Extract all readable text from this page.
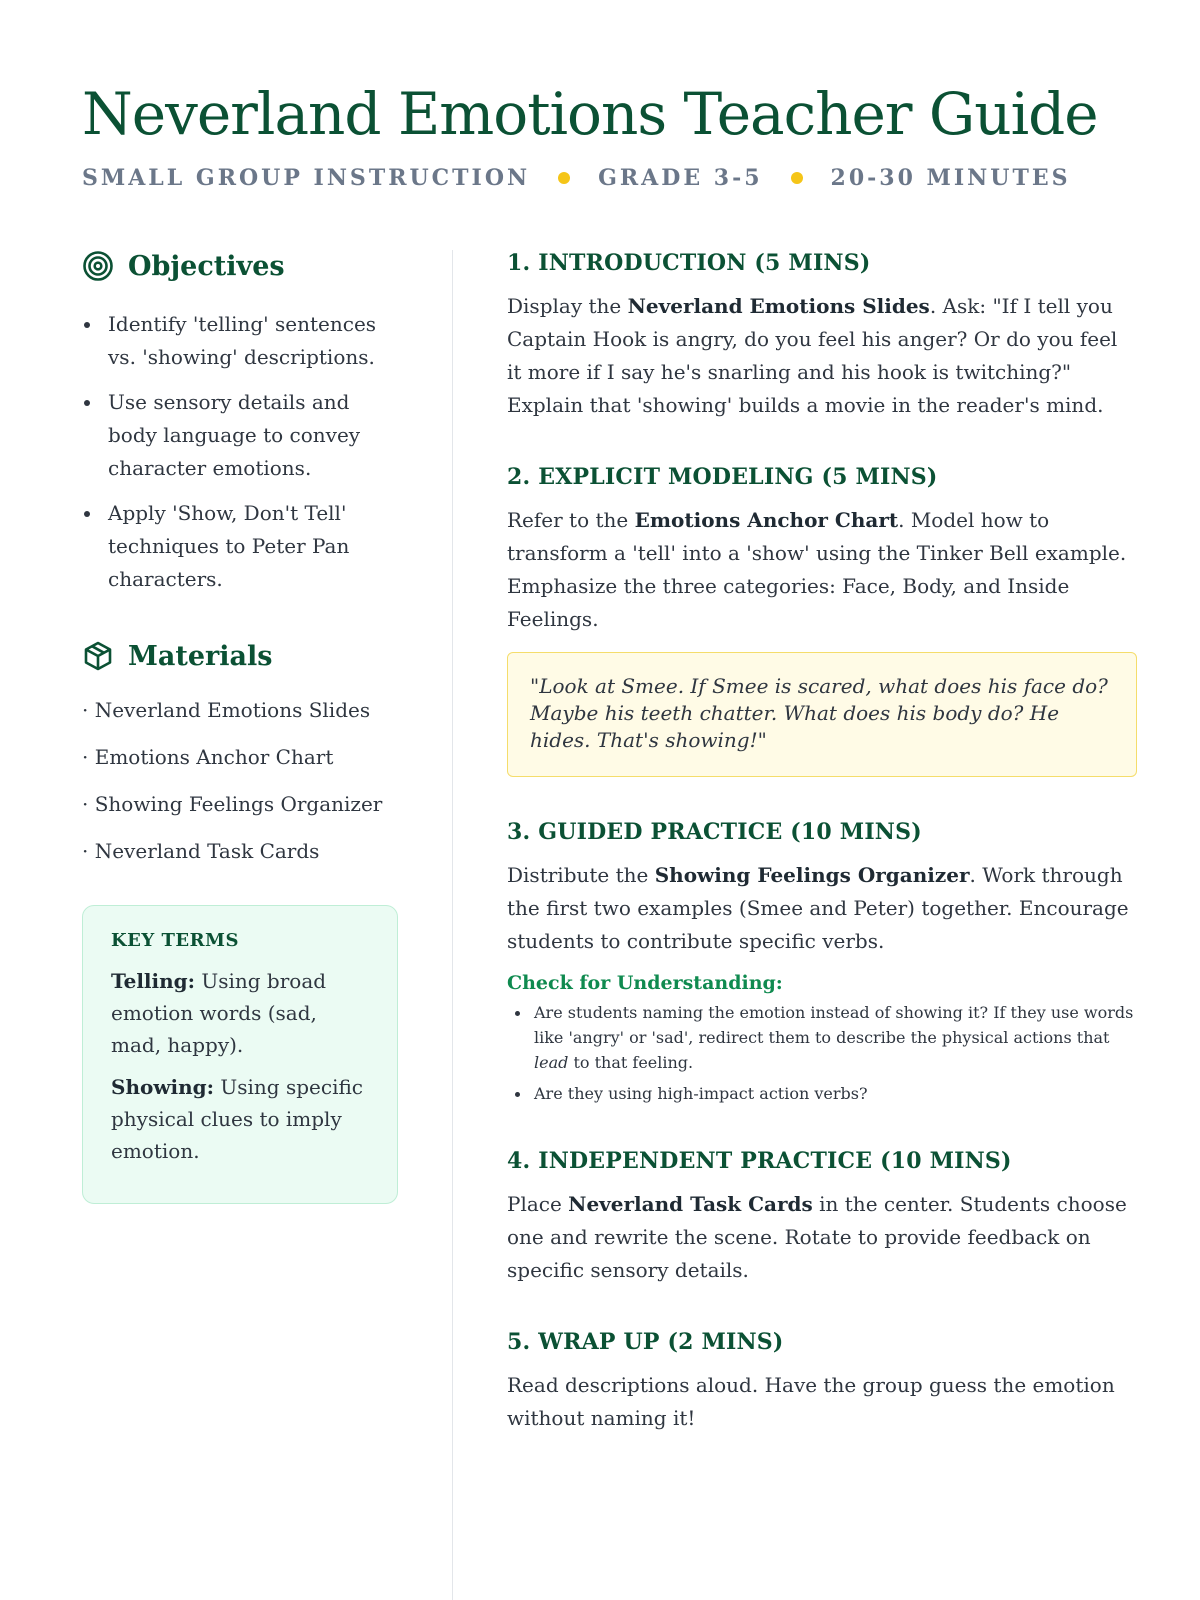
Neverland Emotions Teacher Guide
SMALL GROUP INSTRUCTION	GRADE 3-5	20-30 MINUTES
Objectives
Identify 'telling' sentences vs. 'showing' descriptions.
Use sensory details and body language to convey character emotions.
Apply 'Show, Don't Tell' techniques to Peter Pan characters.
Materials
· Neverland Emotions Slides
· Emotions Anchor Chart
· Showing Feelings Organizer
· Neverland Task Cards
KEY TERMS

Telling: Using broad emotion words (sad, mad, happy).

Showing: Using specific physical clues to imply emotion.

1. INTRODUCTION (5 MINS)

Display the Neverland Emotions Slides. Ask: "If I tell you Captain Hook is angry, do you feel his anger? Or do you feel it more if I say he's snarling and his hook is twitching?" Explain that 'showing' builds a movie in the reader's mind.

2. EXPLICIT MODELING (5 MINS)

Refer to the Emotions Anchor Chart. Model how to transform a 'tell' into a 'show' using the Tinker Bell example. Emphasize the three categories: Face, Body, and Inside Feelings.

"Look at Smee. If Smee is scared, what does his face do? Maybe his teeth chatter. What does his body do? He hides. That's showing!"
3. GUIDED PRACTICE (10 MINS)

Distribute the Showing Feelings Organizer. Work through the first two examples (Smee and Peter) together. Encourage students to contribute specific verbs.

Check for Understanding:
Are students naming the emotion instead of showing it? If they use words like 'angry' or 'sad', redirect them to describe the physical actions that lead to that feeling.
Are they using high-impact action verbs?
4. INDEPENDENT PRACTICE (10 MINS)

Place Neverland Task Cards in the center. Students choose one and rewrite the scene. Rotate to provide feedback on specific sensory details.

5. WRAP UP (2 MINS)

Read descriptions aloud. Have the group guess the emotion without naming it!
